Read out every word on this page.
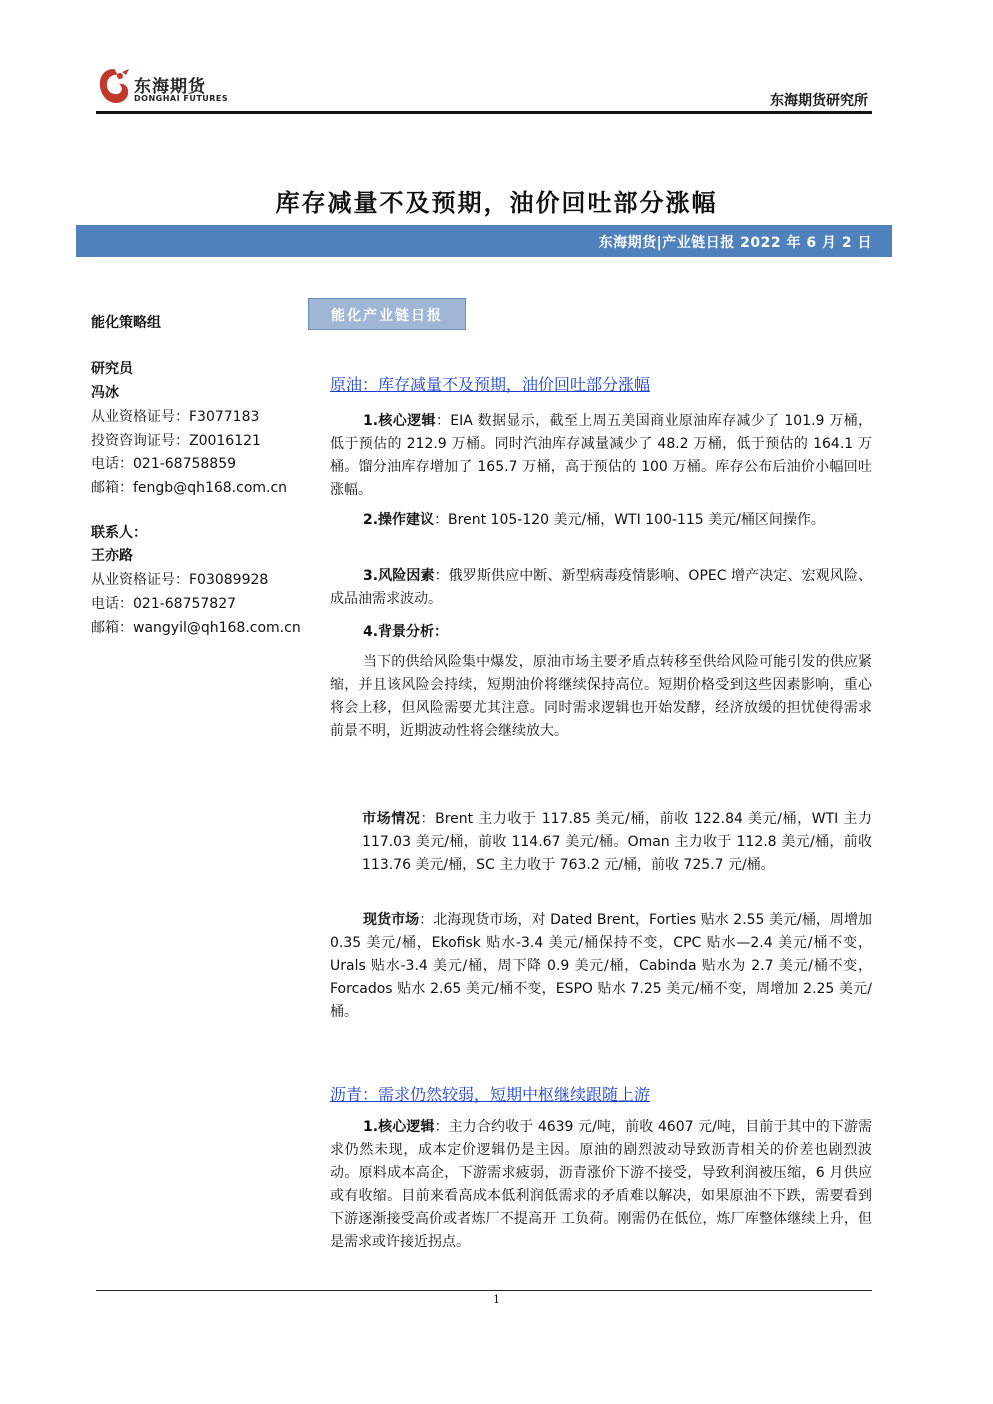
东海期货
DONGHAI FUTURES	东海期货研究所
库存减量不及预期，油价回吐部分涨幅
东海期货|产业链日报 2022 年 6 月 2 日
能化策略组
研究员
冯冰
从业资格证号：F3077183
投资咨询证号：Z0016121
电话：021-68758859
邮箱：fengb@qh168.com.cn
联系人：
王亦路
从业资格证号：F03089928
电话：021-68757827
邮箱：wangyil@qh168.com.cn
能化产业链日报
原油：库存减量不及预期，油价回吐部分涨幅
1.核心逻辑：EIA 数据显示，截至上周五美国商业原油库存减少了 101.9 万桶，低于预估的 212.9 万桶。同时汽油库存减量减少了 48.2 万桶，低于预估的 164.1 万桶。馏分油库存增加了 165.7 万桶，高于预估的 100 万桶。库存公布后油价小幅回吐涨幅。
2.操作建议：Brent 105-120 美元/桶，WTI 100-115 美元/桶区间操作。
3.风险因素：俄罗斯供应中断、新型病毒疫情影响、OPEC 增产决定、宏观风险、成品油需求波动。
4.背景分析：
当下的供给风险集中爆发，原油市场主要矛盾点转移至供给风险可能引发的供应紧缩，并且该风险会持续，短期油价将继续保持高位。短期价格受到这些因素影响，重心将会上移，但风险需要尤其注意。同时需求逻辑也开始发酵，经济放缓的担忧使得需求前景不明，近期波动性将会继续放大。
市场情况：Brent 主力收于 117.85 美元/桶，前收 122.84 美元/桶，WTI 主力 117.03 美元/桶，前收 114.67 美元/桶。Oman 主力收于 112.8 美元/桶，前收 113.76 美元/桶，SC 主力收于 763.2 元/桶，前收 725.7 元/桶。
现货市场：北海现货市场，对 Dated Brent，Forties 贴水 2.55 美元/桶，周增加 0.35 美元/桶，Ekofisk 贴水-3.4 美元/桶保持不变，CPC 贴水—2.4 美元/桶不变，Urals 贴水-3.4 美元/桶，周下降 0.9 美元/桶，Cabinda 贴水为 2.7 美元/桶不变， Forcados 贴水 2.65 美元/桶不变，ESPO 贴水 7.25 美元/桶不变，周增加 2.25 美元/桶。
沥青：需求仍然较弱，短期中枢继续跟随上游
1.核心逻辑：主力合约收于 4639 元/吨，前收 4607 元/吨，目前于其中的下游需求仍然未现，成本定价逻辑仍是主因。原油的剧烈波动导致沥青相关的价差也剧烈波动。原料成本高企，下游需求疲弱，沥青涨价下游不接受，导致利润被压缩，6 月供应或有收缩。目前来看高成本低利润低需求的矛盾难以解决，如果原油不下跌，需要看到下游逐渐接受高价或者炼厂不提高开 工负荷。刚需仍在低位，炼厂库整体继续上升，但是需求或许接近拐点。
1
